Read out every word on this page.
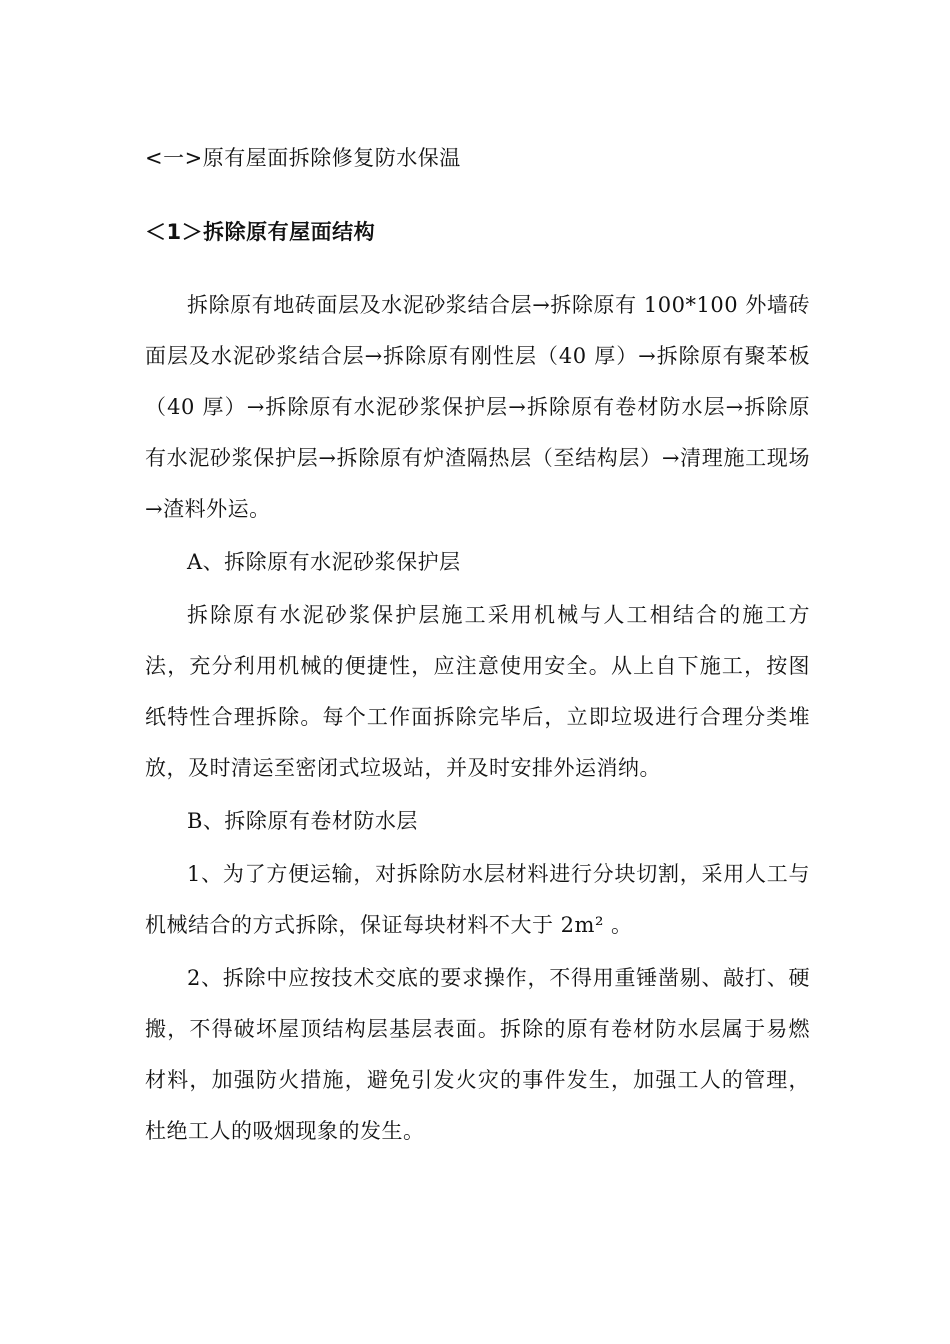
<一>原有屋面拆除修复防水保温

＜1＞拆除原有屋面结构

拆除原有地砖面层及水泥砂浆结合层→拆除原有 100*100 外墙砖面层及水泥砂浆结合层→拆除原有刚性层（40 厚）→拆除原有聚苯板（40 厚）→拆除原有水泥砂浆保护层→拆除原有卷材防水层→拆除原有水泥砂浆保护层→拆除原有炉渣隔热层（至结构层）→清理施工现场→渣料外运。

A、拆除原有水泥砂浆保护层

拆除原有水泥砂浆保护层施工采用机械与人工相结合的施工方法，充分利用机械的便捷性，应注意使用安全。从上自下施工，按图纸特性合理拆除。每个工作面拆除完毕后，立即垃圾进行合理分类堆放，及时清运至密闭式垃圾站，并及时安排外运消纳。

B、拆除原有卷材防水层

1、为了方便运输，对拆除防水层材料进行分块切割，采用人工与机械结合的方式拆除，保证每块材料不大于 2m² 。

2、拆除中应按技术交底的要求操作，不得用重锤凿剔、敲打、硬搬，不得破坏屋顶结构层基层表面。拆除的原有卷材防水层属于易燃材料，加强防火措施，避免引发火灾的事件发生，加强工人的管理，杜绝工人的吸烟现象的发生。
